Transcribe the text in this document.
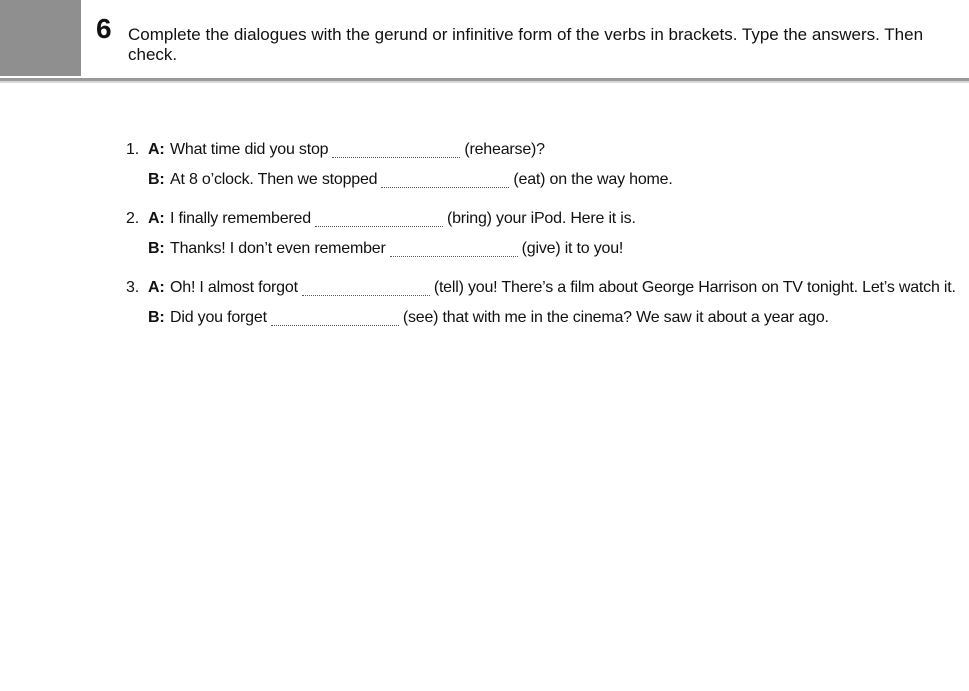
6 Complete the dialogues with the gerund or infinitive form of the verbs in brackets. Type the answers. Then check.
1. A: What time did you stop	(rehearse)?
B: At 8 o’clock. Then we stopped	(eat) on the way home.
2. A: I finally remembered	(bring) your iPod. Here it is.
B: Thanks! I don’t even remember	(give) it to you!
3. A: Oh! I almost forgot	(tell) you! There’s a film about George Harrison on TV tonight. Let’s watch it.
B: Did you forget	(see) that with me in the cinema? We saw it about a year ago.
